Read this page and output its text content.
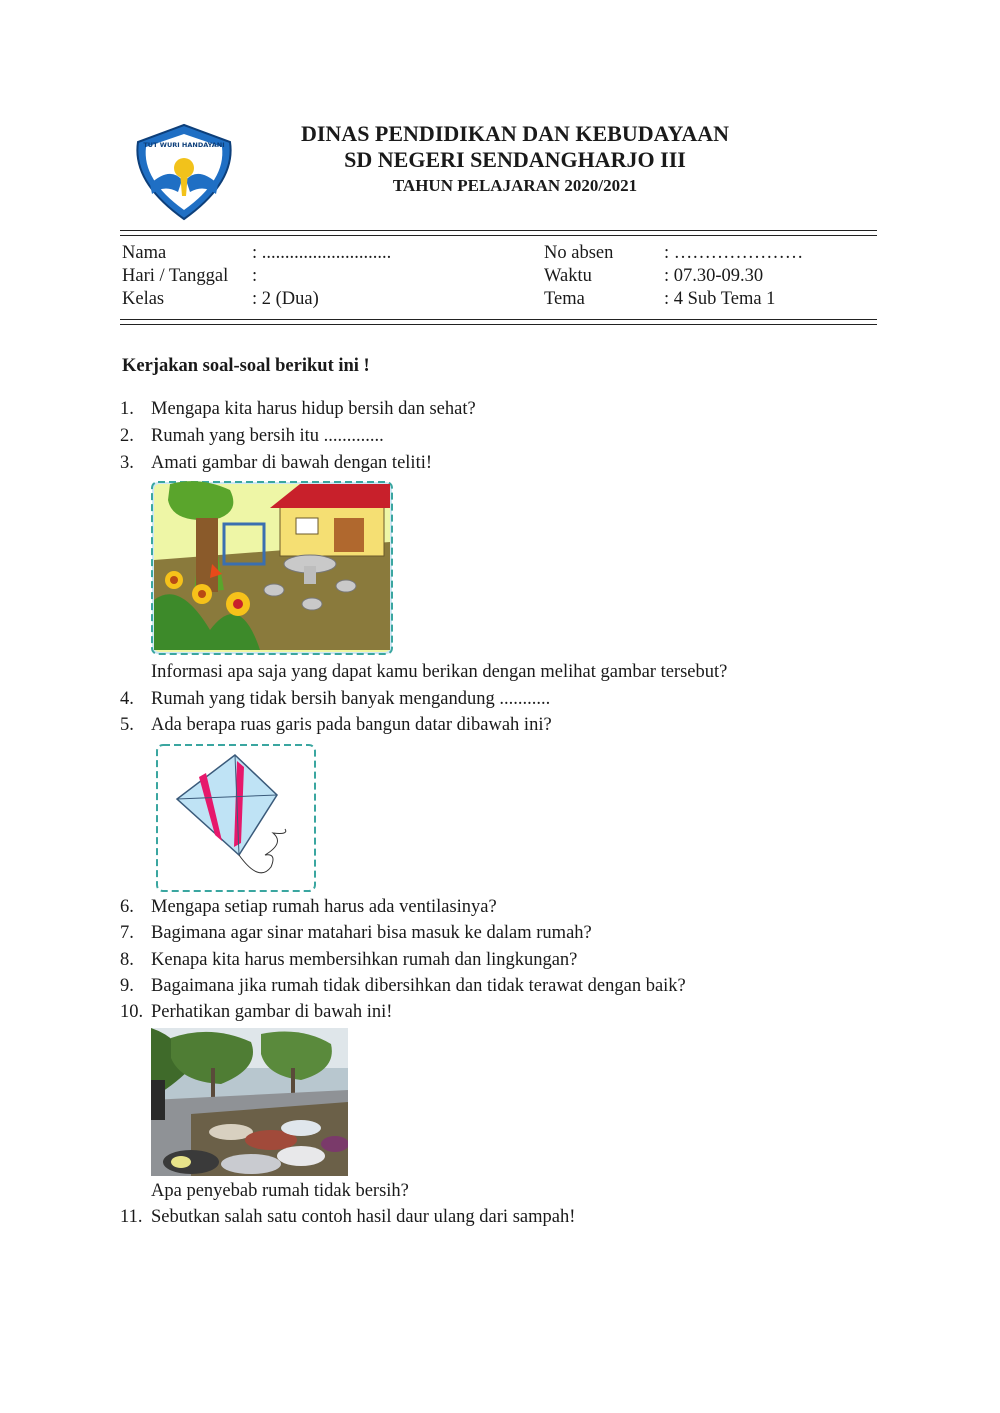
TUT WURI HANDAYANI	DINAS PENDIDIKAN DAN KEBUDAYAAN
SD NEGERI SENDANGHARJO III
TAHUN PELAJARAN 2020/2021
Nama	: ............................	No absen	: …………………
Hari / Tanggal :	Waktu	: 07.30-09.30
Kelas	: 2 (Dua)	Tema	: 4 Sub Tema 1
Kerjakan soal-soal berikut ini !
1. Mengapa kita harus hidup bersih dan sehat?
2. Rumah yang bersih itu .............
3. Amati gambar di bawah dengan teliti!
Informasi apa saja yang dapat kamu berikan dengan melihat gambar tersebut?
4. Rumah yang tidak bersih banyak mengandung ...........
5. Ada berapa ruas garis pada bangun datar dibawah ini?
6. Mengapa setiap rumah harus ada ventilasinya?
7. Bagimana agar sinar matahari bisa masuk ke dalam rumah?
8. Kenapa kita harus membersihkan rumah dan lingkungan?
9. Bagaimana jika rumah tidak dibersihkan dan tidak terawat dengan baik?
10. Perhatikan gambar di bawah ini!
Apa penyebab rumah tidak bersih?
11. Sebutkan salah satu contoh hasil daur ulang dari sampah!
